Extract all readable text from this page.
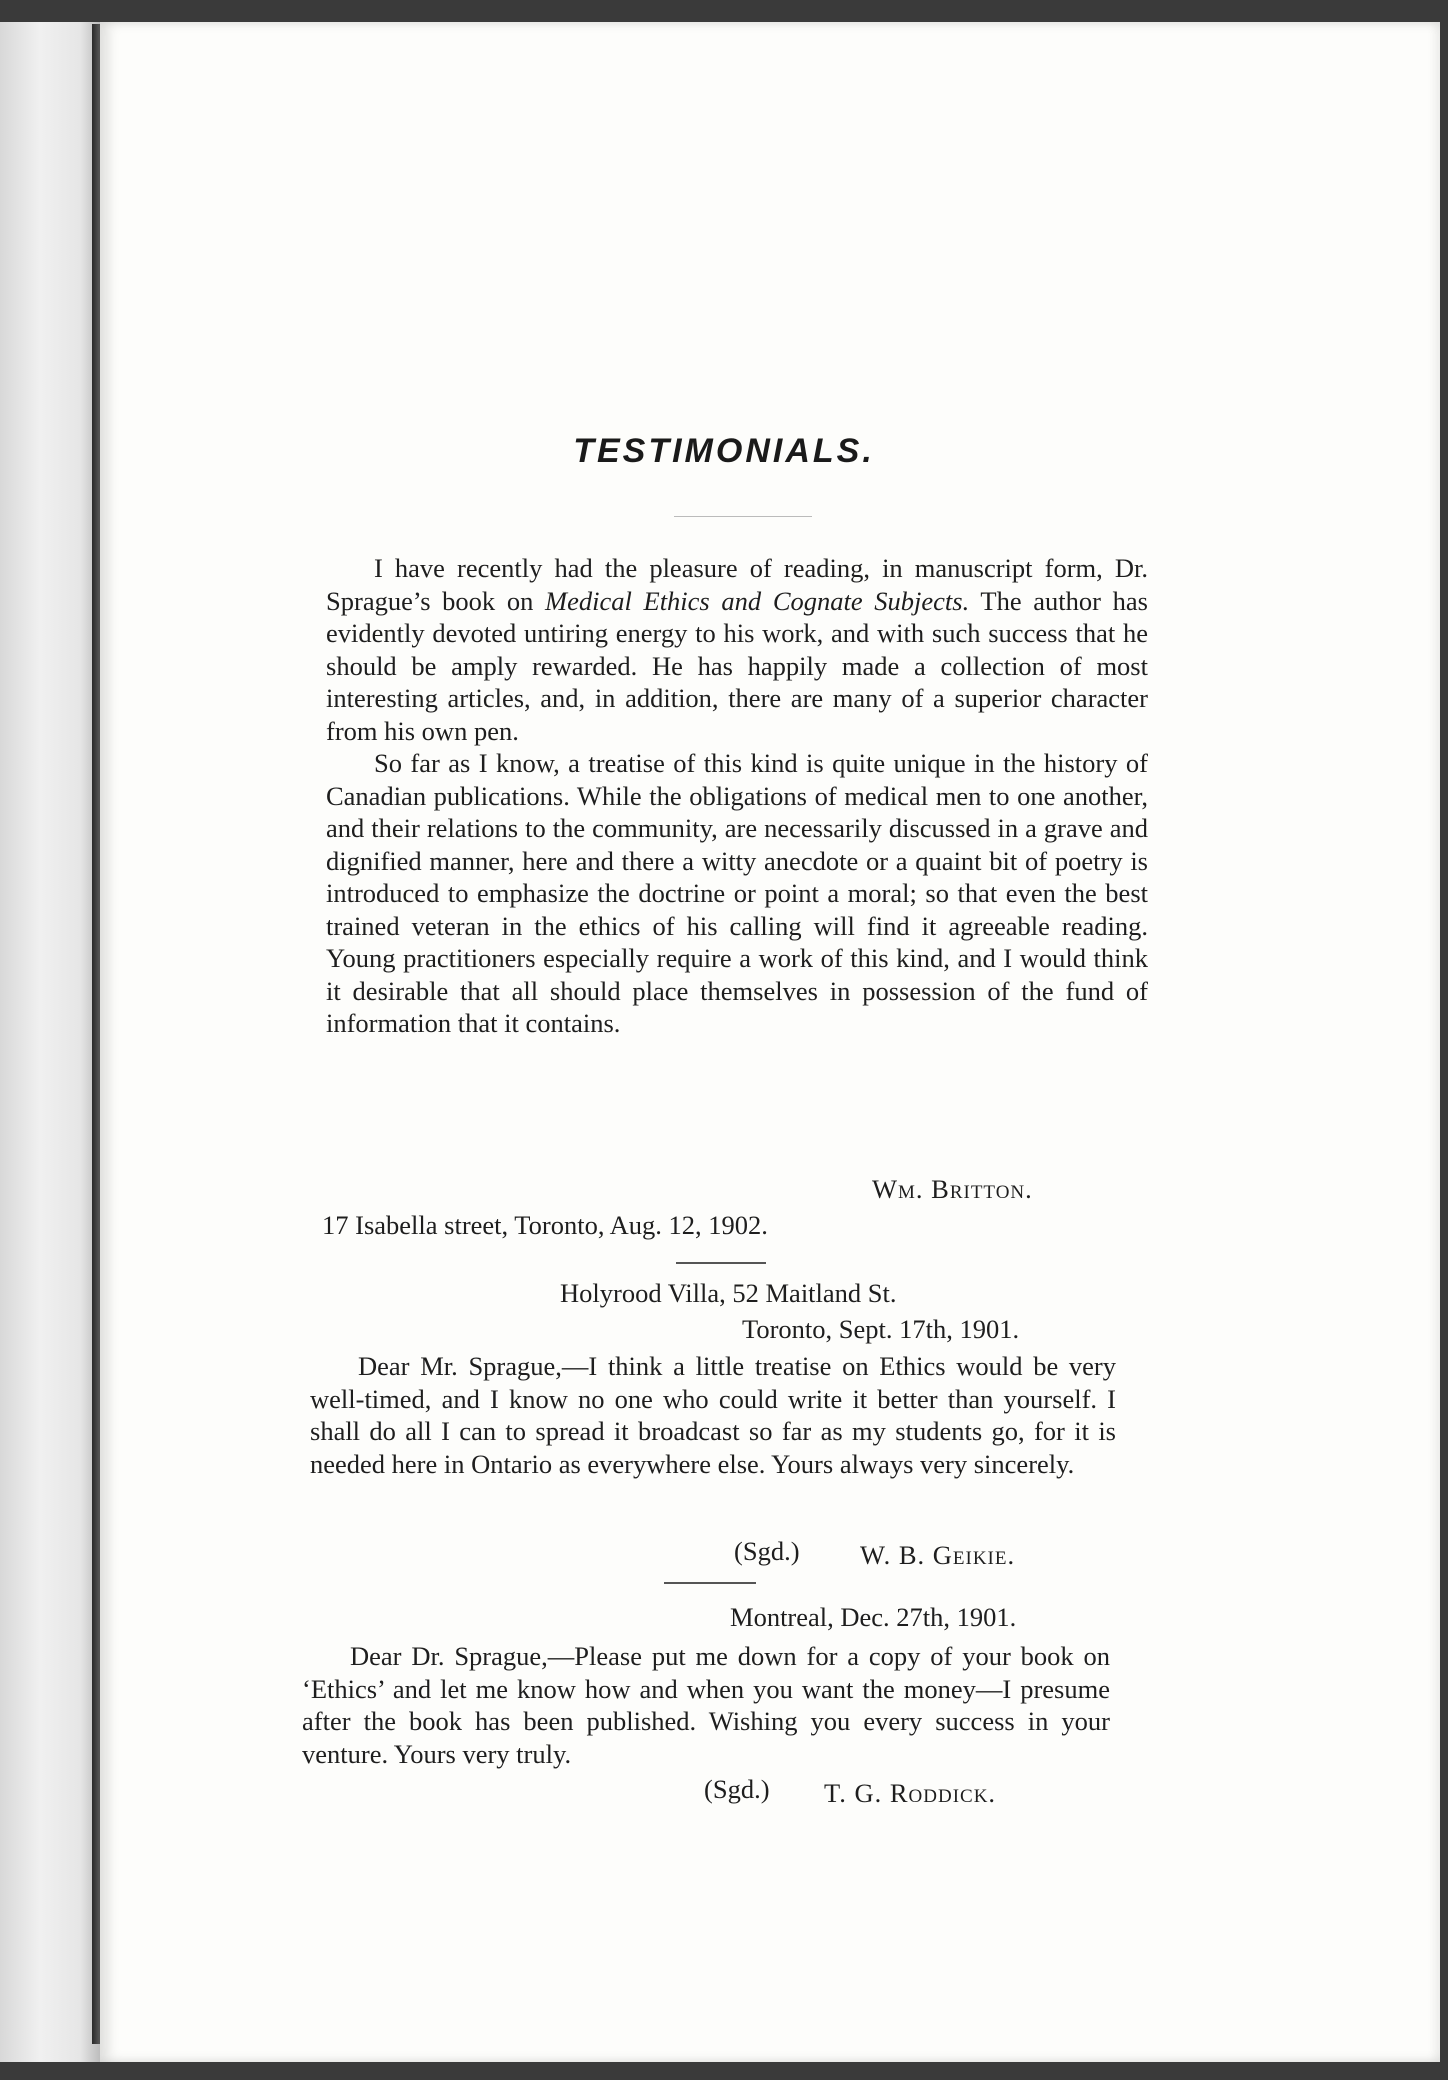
TESTIMONIALS.

I have recently had the pleasure of reading, in manuscript form, Dr. Sprague’s book on Medical Ethics and Cognate Subjects. The author has evidently devoted untiring energy to his work, and with such success that he should be amply rewarded. He has happily made a collection of most interesting articles, and, in addition, there are many of a superior character from his own pen.

So far as I know, a treatise of this kind is quite unique in the history of Canadian publications. While the obligations of medical men to one another, and their relations to the community, are necessarily discussed in a grave and dignified manner, here and there a witty anecdote or a quaint bit of poetry is introduced to emphasize the doctrine or point a moral; so that even the best trained veteran in the ethics of his calling will find it agreeable reading. Young practitioners especially require a work of this kind, and I would think it desirable that all should place themselves in possession of the fund of information that it contains.

Wm. Britton.
17 Isabella street, Toronto, Aug. 12, 1902.
Holyrood Villa, 52 Maitland St.
Toronto, Sept. 17th, 1901.

Dear Mr. Sprague,—I think a little treatise on Ethics would be very well-timed, and I know no one who could write it better than yourself. I shall do all I can to spread it broadcast so far as my students go, for it is needed here in Ontario as everywhere else. Yours always very sincerely.

(Sgd.) W. B. Geikie.
Montreal, Dec. 27th, 1901.

Dear Dr. Sprague,—Please put me down for a copy of your book on ‘Ethics’ and let me know how and when you want the money—I presume after the book has been published. Wishing you every success in your venture. Yours very truly.

(Sgd.) T. G. Roddick.
